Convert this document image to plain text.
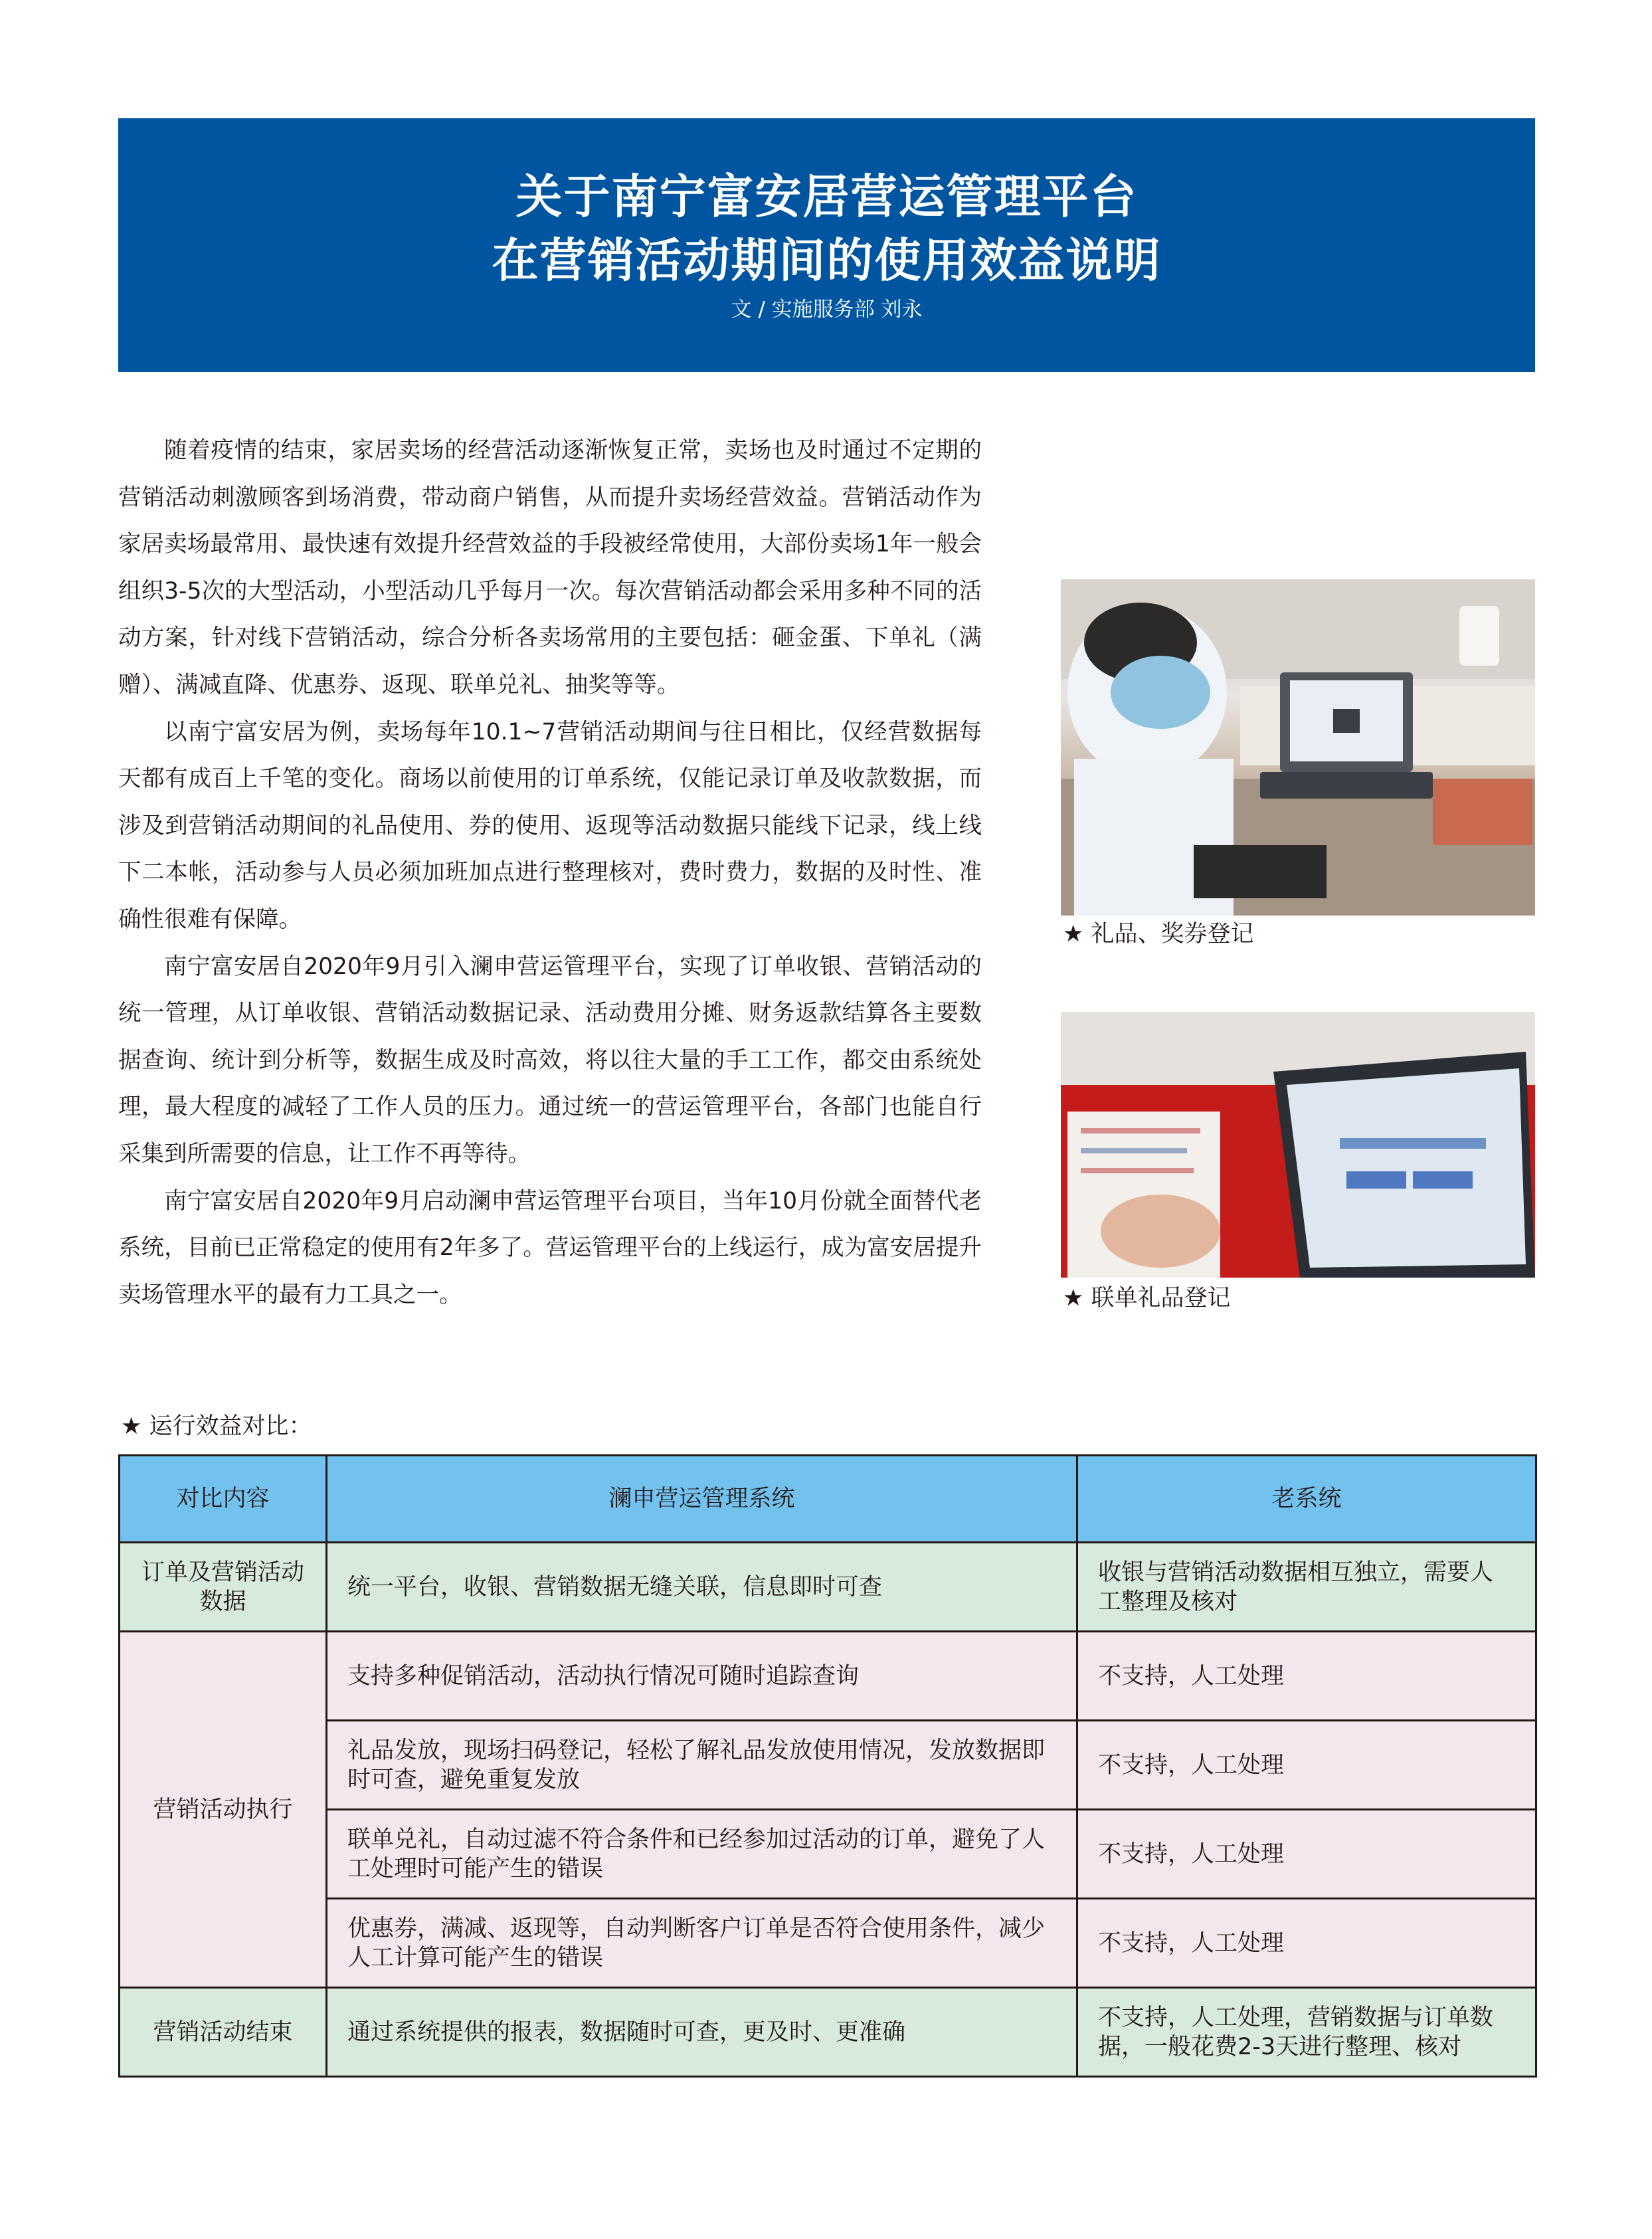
关于南宁富安居营运管理平台
在营销活动期间的使用效益说明
文 / 实施服务部 刘永

随着疫情的结束，家居卖场的经营活动逐渐恢复正常，卖场也及时通过不定期的营销活动刺激顾客到场消费，带动商户销售，从而提升卖场经营效益。营销活动作为家居卖场最常用、最快速有效提升经营效益的手段被经常使用，大部份卖场1年一般会组织3-5次的大型活动，小型活动几乎每月一次。每次营销活动都会采用多种不同的活动方案，针对线下营销活动，综合分析各卖场常用的主要包括：砸金蛋、下单礼（满赠）、满减直降、优惠券、返现、联单兑礼、抽奖等等。

以南宁富安居为例，卖场每年10.1~7营销活动期间与往日相比，仅经营数据每天都有成百上千笔的变化。商场以前使用的订单系统，仅能记录订单及收款数据，而涉及到营销活动期间的礼品使用、券的使用、返现等活动数据只能线下记录，线上线下二本帐，活动参与人员必须加班加点进行整理核对，费时费力，数据的及时性、准确性很难有保障。

南宁富安居自2020年9月引入澜申营运管理平台，实现了订单收银、营销活动的统一管理，从订单收银、营销活动数据记录、活动费用分摊、财务返款结算各主要数据查询、统计到分析等，数据生成及时高效，将以往大量的手工工作，都交由系统处理，最大程度的减轻了工作人员的压力。通过统一的营运管理平台，各部门也能自行采集到所需要的信息，让工作不再等待。

南宁富安居自2020年9月启动澜申营运管理平台项目，当年10月份就全面替代老系统，目前已正常稳定的使用有2年多了。营运管理平台的上线运行，成为富安居提升卖场管理水平的最有力工具之一。

★ 礼品、奖券登记
★ 联单礼品登记
★ 运行效益对比：
对比内容	澜申营运管理系统	老系统
订单及营销活动数据	统一平台，收银、营销数据无缝关联，信息即时可查	收银与营销活动数据相互独立，需要人工整理及核对
营销活动执行	支持多种促销活动，活动执行情况可随时追踪查询	不支持，人工处理
	礼品发放，现场扫码登记，轻松了解礼品发放使用情况，发放数据即时可查，避免重复发放	不支持，人工处理
	联单兑礼，自动过滤不符合条件和已经参加过活动的订单，避免了人工处理时可能产生的错误	不支持，人工处理
	优惠券，满减、返现等，自动判断客户订单是否符合使用条件，减少人工计算可能产生的错误	不支持，人工处理
营销活动结束	通过系统提供的报表，数据随时可查，更及时、更准确	不支持，人工处理，营销数据与订单数据，一般花费2-3天进行整理、核对
